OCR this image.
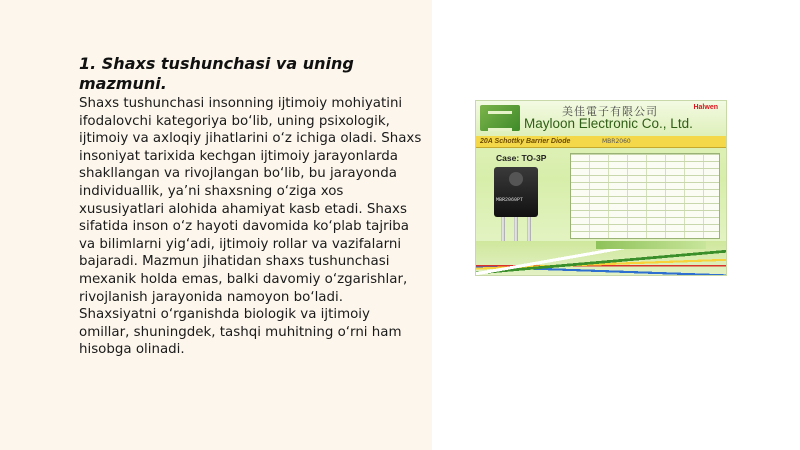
1. Shaxs tushunchasi va uning mazmuni.

Shaxs tushunchasi insonning ijtimoiy mohiyatini ifodalovchi kategoriya bo‘lib, uning psixologik, ijtimoiy va axloqiy jihatlarini o‘z ichiga oladi. Shaxs insoniyat tarixida kechgan ijtimoiy jarayonlarda shakllangan va rivojlangan bo‘lib, bu jarayonda individuallik, ya’ni shaxsning o‘ziga xos xususiyatlari alohida ahamiyat kasb etadi. Shaxs sifatida inson o‘z hayoti davomida ko‘plab tajriba va bilimlarni yig‘adi, ijtimoiy rollar va vazifalarni bajaradi. Mazmun jihatidan shaxs tushunchasi mexanik holda emas, balki davomiy o‘zgarishlar, rivojlanish jarayonida namoyon bo‘ladi. Shaxsiyatni o‘rganishda biologik va ijtimoiy omillar, shuningdek, tashqi muhitning o‘rni ham hisobga olinadi.

美佳電子有限公司	Halwen
Mayloon Electronic Co., Ltd.
20A Schottky Barrier Diode	MBR2060
Case: TO-3P
MBR2060PT
